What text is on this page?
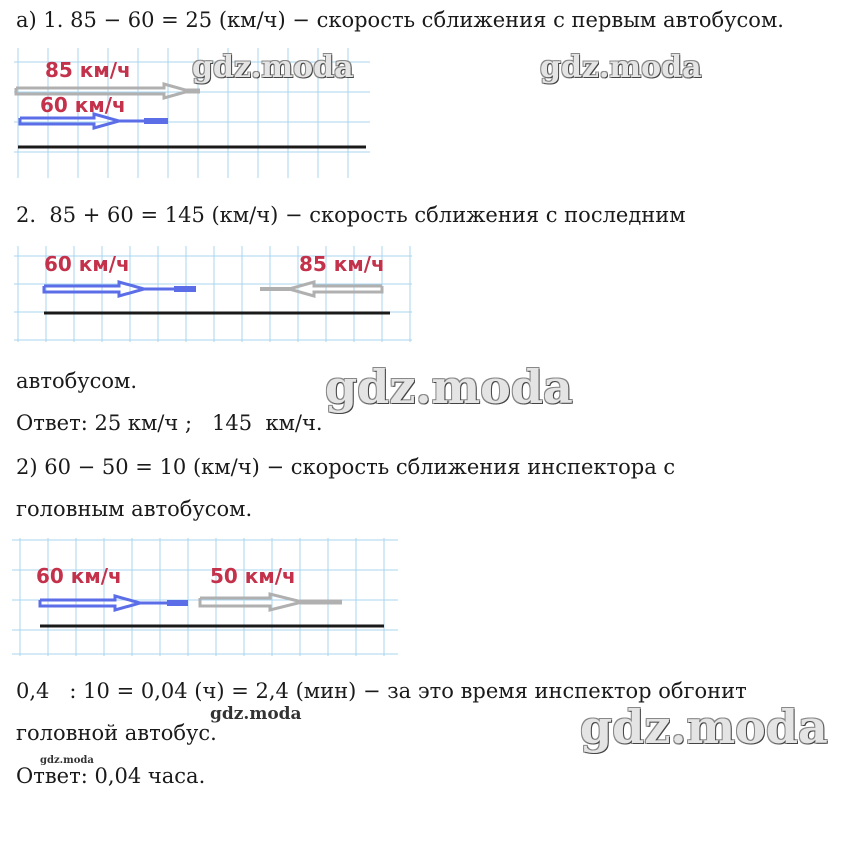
а) 1. 85 − 60 = 25 (км/ч) − скорость сближения с первым автобусом.

85 км/ч
60 км/ч

2.  85 + 60 = 145 (км/ч) − скорость сближения с последним

60 км/ч	85 км/ч

автобусом.

Ответ: 25 км/ч ;   145  км/ч.

2) 60 − 50 = 10 (км/ч) − скорость сближения инспектора с

головным автобусом.

60 км/ч	50 км/ч

0,4   : 10 = 0,04 (ч) = 2,4 (мин) − за это время инспектор обгонит

головной автобус.

Ответ: 0,04 часа.

gdz.moda	gdz.moda
gdz.moda
gdz.moda	gdz.moda
gdz.moda
